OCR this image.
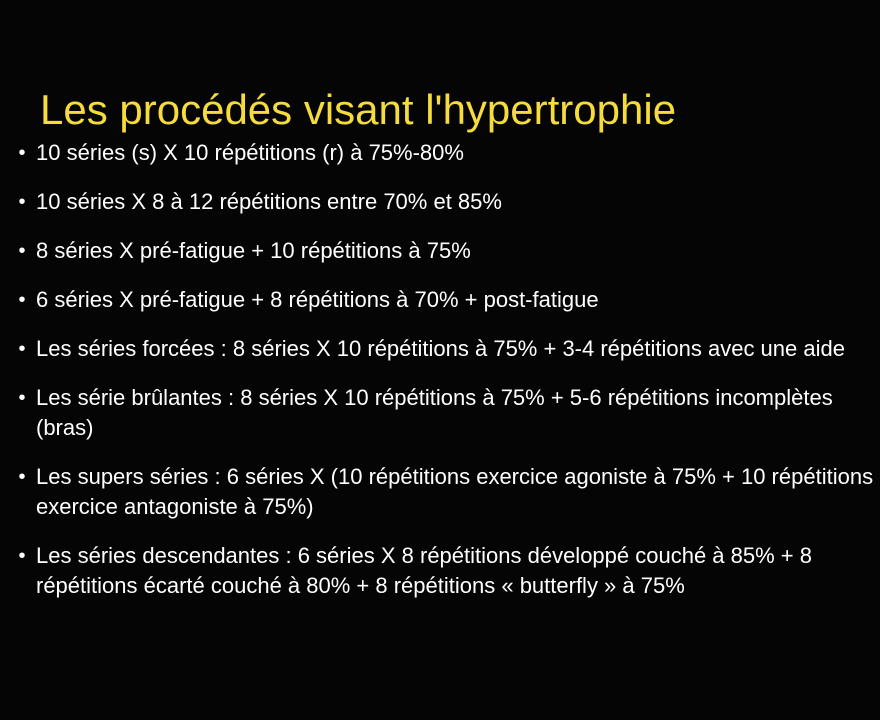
Les procédés visant l'hypertrophie
• 10 séries (s) X 10 répétitions (r) à 75%-80%
• 10 séries X 8 à 12 répétitions entre 70% et 85%
• 8 séries X pré-fatigue + 10 répétitions à 75%
• 6 séries X pré-fatigue + 8 répétitions à 70% + post-fatigue
• Les séries forcées : 8 séries X 10 répétitions à 75% + 3-4 répétitions avec une aide
• Les série brûlantes : 8 séries X 10 répétitions à 75% + 5-6 répétitions incomplètes (bras)
• Les supers séries : 6 séries X (10 répétitions exercice agoniste à 75% + 10 répétitions exercice antagoniste à 75%)
• Les séries descendantes : 6 séries X 8 répétitions développé couché à 85% + 8 répétitions écarté couché à 80% + 8 répétitions « butterfly » à 75%
